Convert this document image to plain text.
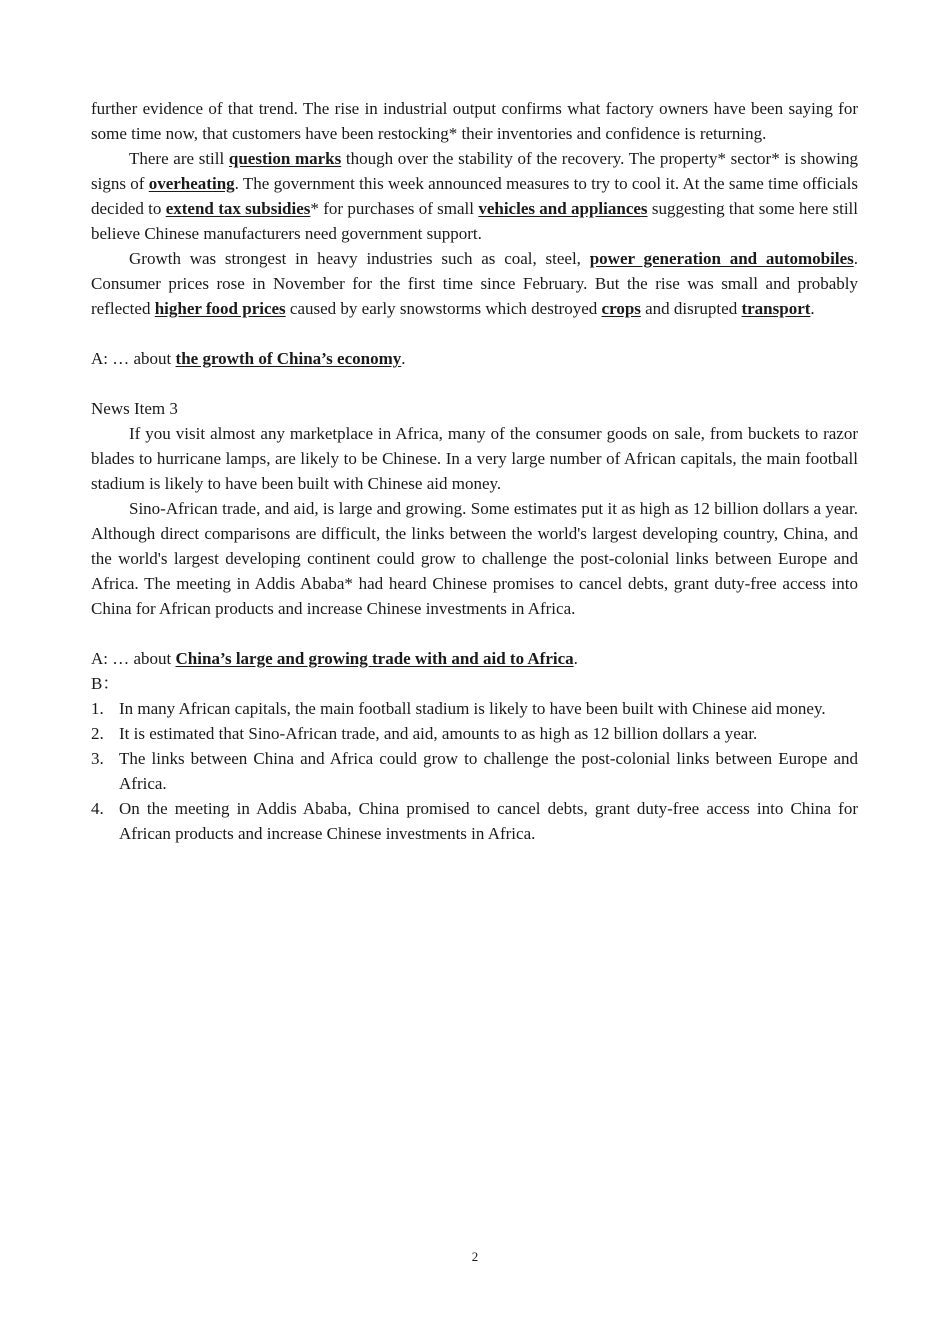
further evidence of that trend. The rise in industrial output confirms what factory owners have been saying for some time now, that customers have been restocking* their inventories and confidence is returning.

There are still question marks though over the stability of the recovery. The property* sector* is showing signs of overheating. The government this week announced measures to try to cool it. At the same time officials decided to extend tax subsidies* for purchases of small vehicles and appliances suggesting that some here still believe Chinese manufacturers need government support.

Growth was strongest in heavy industries such as coal, steel, power generation and automobiles. Consumer prices rose in November for the first time since February. But the rise was small and probably reflected higher food prices caused by early snowstorms which destroyed crops and disrupted transport.

A: … about the growth of China’s economy.

News Item 3

If you visit almost any marketplace in Africa, many of the consumer goods on sale, from buckets to razor blades to hurricane lamps, are likely to be Chinese. In a very large number of African capitals, the main football stadium is likely to have been built with Chinese aid money.

Sino-African trade, and aid, is large and growing. Some estimates put it as high as 12 billion dollars a year. Although direct comparisons are difficult, the links between the world's largest developing country, China, and the world's largest developing continent could grow to challenge the post-colonial links between Europe and Africa. The meeting in Addis Ababa* had heard Chinese promises to cancel debts, grant duty-free access into China for African products and increase Chinese investments in Africa.

A: … about China’s large and growing trade with and aid to Africa.

B：

1. In many African capitals, the main football stadium is likely to have been built with Chinese aid money.
2. It is estimated that Sino-African trade, and aid, amounts to as high as 12 billion dollars a year.
3. The links between China and Africa could grow to challenge the post-colonial links between Europe and Africa.
4. On the meeting in Addis Ababa, China promised to cancel debts, grant duty-free access into China for African products and increase Chinese investments in Africa.
2
